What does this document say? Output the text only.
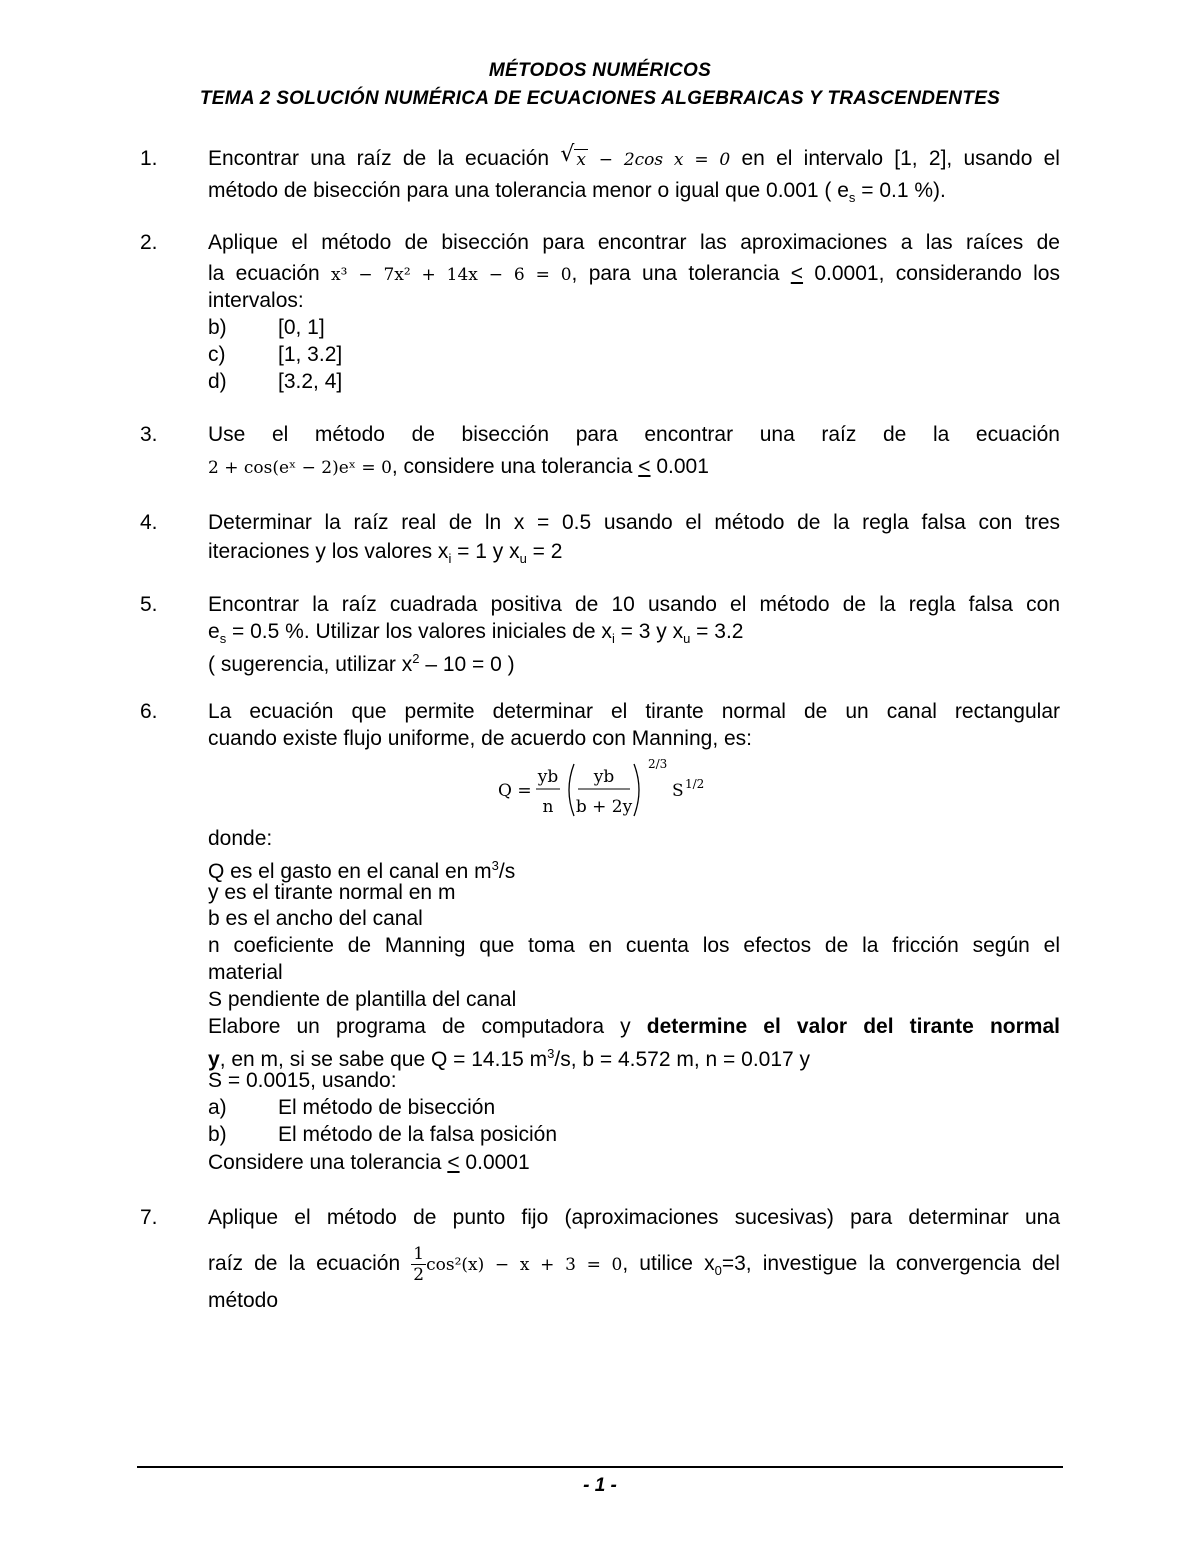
MÉTODOS NUMÉRICOS
TEMA 2 SOLUCIÓN NUMÉRICA DE ECUACIONES ALGEBRAICAS Y TRASCENDENTES
1. Encontrar una raíz de la ecuación √ x − 2cos x = 0 en el intervalo [1, 2], usando el
método de bisección para una tolerancia menor o igual que 0.001 ( $e_s = 0.1$ %).
2. Aplique el método de bisección para encontrar las aproximaciones a las raíces de
la ecuación x³ − 7x² + 14x − 6 = 0, para una tolerancia < 0.0001, considerando los
intervalos:
b) [0, 1]
c)	[1, 3.2]
d) [3.2, 4]
3. Use el método de bisección para encontrar una raíz de la ecuación
2 + cos(eˣ − 2)eˣ = 0, considere una tolerancia < 0.001
4. Determinar la raíz real de ln x = 0.5 usando el método de la regla falsa con tres
iteraciones y los valores $x_i = 1$ y $x_u = 2$
5. Encontrar la raíz cuadrada positiva de 10 usando el método de la regla falsa con
$e_s = 0.5$ %. Utilizar los valores iniciales de $x_i = 3$ y $x_u = 3.2$
( sugerencia, utilizar $x^2 - 10 = 0$ )
6. La ecuación que permite determinar el tirante normal de un canal rectangular
cuando existe flujo uniforme, de acuerdo con Manning, es:
Q =
yb
n
yb
b + 2y
2/3
S 1/2
donde:
Q es el gasto en el canal en $m^3/s$
y es el tirante normal en m
b es el ancho del canal
n coeficiente de Manning que toma en cuenta los efectos de la fricción según el
material
S pendiente de plantilla del canal
Elabore un programa de computadora y determine el valor del tirante normal
y, en m, si se sabe que Q = 14.15 $m^3/s$, b = 4.572 m, n = 0.017 y
S = 0.0015, usando:
a) El método de bisección
b) El método de la falsa posición
Considere una tolerancia < 0.0001
7. Aplique el método de punto fijo (aproximaciones sucesivas) para determinar una
raíz de la ecuación $\frac{1}{2} \cos^2(x) - x + 3 = 0$, utilice $x_0=3$, investigue la convergencia del
método
- 1 -
